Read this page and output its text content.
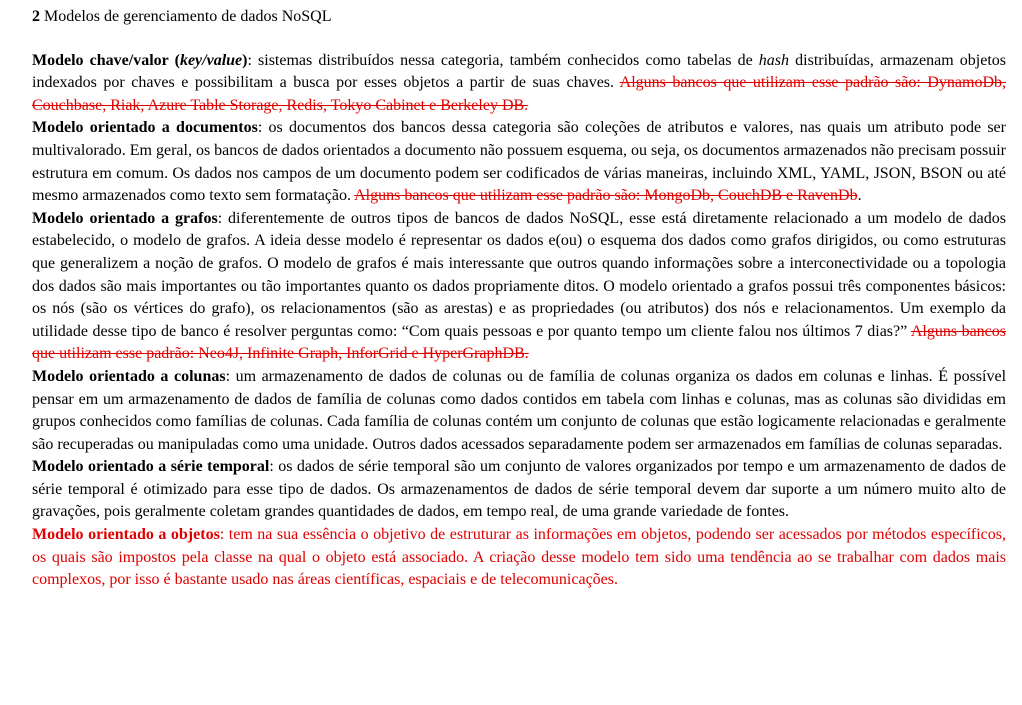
2 Modelos de gerenciamento de dados NoSQL

Modelo chave/valor (key/value): sistemas distribuídos nessa categoria, também conhecidos como tabelas de hash distribuídas, armazenam objetos indexados por chaves e possibilitam a busca por esses objetos a partir de suas chaves. Alguns bancos que utilizam esse padrão são: DynamoDb, Couchbase, Riak, Azure Table Storage, Redis, Tokyo Cabinet e Berkeley DB.

Modelo orientado a documentos: os documentos dos bancos dessa categoria são coleções de atributos e valores, nas quais um atributo pode ser multivalorado. Em geral, os bancos de dados orientados a documento não possuem esquema, ou seja, os documentos armazenados não precisam possuir estrutura em comum. Os dados nos campos de um documento podem ser codificados de várias maneiras, incluindo XML, YAML, JSON, BSON ou até mesmo armazenados como texto sem formatação. Alguns bancos que utilizam esse padrão são: MongoDb, CouchDB e RavenDb.

Modelo orientado a grafos: diferentemente de outros tipos de bancos de dados NoSQL, esse está diretamente relacionado a um modelo de dados estabelecido, o modelo de grafos. A ideia desse modelo é representar os dados e(ou) o esquema dos dados como grafos dirigidos, ou como estruturas que generalizem a noção de grafos. O modelo de grafos é mais interessante que outros quando informações sobre a interconectividade ou a topologia dos dados são mais importantes ou tão importantes quanto os dados propriamente ditos. O modelo orientado a grafos possui três componentes básicos: os nós (são os vértices do grafo), os relacionamentos (são as arestas) e as propriedades (ou atributos) dos nós e relacionamentos. Um exemplo da utilidade desse tipo de banco é resolver perguntas como: “Com quais pessoas e por quanto tempo um cliente falou nos últimos 7 dias?” Alguns bancos que utilizam esse padrão: Neo4J, Infinite Graph, InforGrid e HyperGraphDB.

Modelo orientado a colunas: um armazenamento de dados de colunas ou de família de colunas organiza os dados em colunas e linhas. É possível pensar em um armazenamento de dados de família de colunas como dados contidos em tabela com linhas e colunas, mas as colunas são divididas em grupos conhecidos como famílias de colunas. Cada família de colunas contém um conjunto de colunas que estão logicamente relacionadas e geralmente são recuperadas ou manipuladas como uma unidade. Outros dados acessados separadamente podem ser armazenados em famílias de colunas separadas.

Modelo orientado a série temporal: os dados de série temporal são um conjunto de valores organizados por tempo e um armazenamento de dados de série temporal é otimizado para esse tipo de dados. Os armazenamentos de dados de série temporal devem dar suporte a um número muito alto de gravações, pois geralmente coletam grandes quantidades de dados, em tempo real, de uma grande variedade de fontes.

Modelo orientado a objetos: tem na sua essência o objetivo de estruturar as informações em objetos, podendo ser acessados por métodos específicos, os quais são impostos pela classe na qual o objeto está associado. A criação desse modelo tem sido uma tendência ao se trabalhar com dados mais complexos, por isso é bastante usado nas áreas científicas, espaciais e de telecomunicações.
